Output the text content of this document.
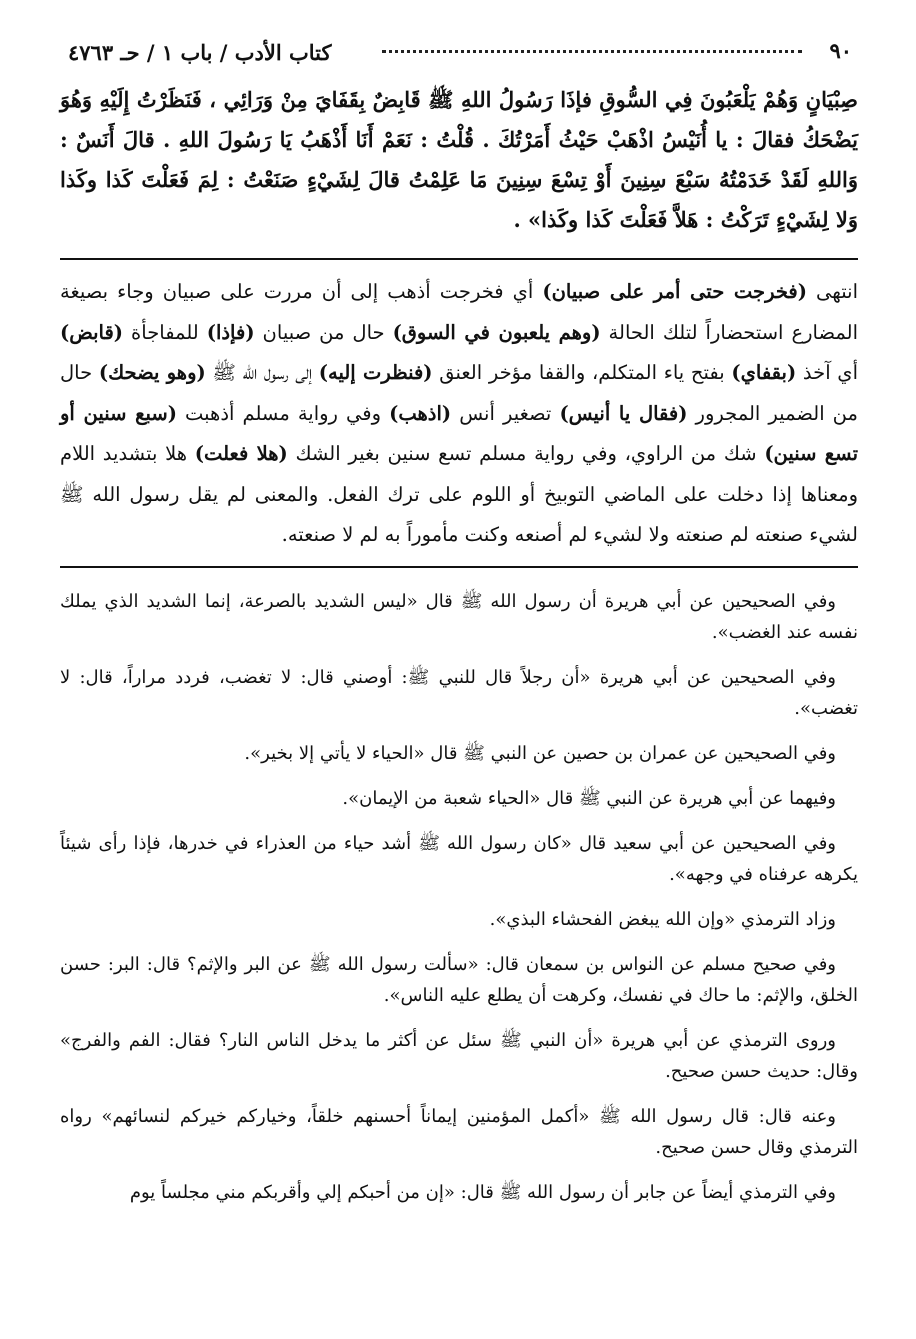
٩٠
كتاب الأدب / باب ١ / حـ ٤٧٦٣

صِبْيَانٍ وَهُمْ يَلْعَبُونَ فِي السُّوقِ فإذَا رَسُولُ اللهِ ﷺ قَابِضٌ بِقَفَايَ مِنْ وَرَائِي ، فَنَظَرْتُ إِلَيْهِ وَهُوَ يَضْحَكُ فقالَ : يا أُنَيْسُ اذْهَبْ حَيْثُ أَمَرْتُكَ . قُلْتُ : نَعَمْ أَنَا أَذْهَبُ يَا رَسُولَ اللهِ . قالَ أَنَسٌ : وَاللهِ لَقَدْ خَدَمْتُهُ سَبْعَ سِنِينَ أَوْ تِسْعَ سِنِينَ مَا عَلِمْتُ قالَ لِشَيْءٍ صَنَعْتُ : لِمَ فَعَلْتَ كَذا وكَذا وَلا لِشَيْءٍ تَرَكْتُ : هَلاَّ فَعَلْتَ كَذا وكَذا» .

انتهى (فخرجت حتى أمر على صبيان) أي فخرجت أذهب إلى أن مررت على صبيان وجاء بصيغة المضارع استحضاراً لتلك الحالة (وهم يلعبون في السوق) حال من صبيان (فإذا) للمفاجأة (قابض) أي آخذ (بقفاي) بفتح ياء المتكلم، والقفا مؤخر العنق (فنظرت إليه) إلى رسول الله ﷺ (وهو يضحك) حال من الضمير المجرور (فقال يا أنيس) تصغير أنس (اذهب) وفي رواية مسلم أذهبت (سبع سنين أو تسع سنين) شك من الراوي، وفي رواية مسلم تسع سنين بغير الشك (هلا فعلت) هلا بتشديد اللام ومعناها إذا دخلت على الماضي التوبيخ أو اللوم على ترك الفعل. والمعنى لم يقل رسول الله ﷺ لشيء صنعته لم صنعته ولا لشيء لم أصنعه وكنت مأموراً به لم لا صنعته.

وفي الصحيحين عن أبي هريرة أن رسول الله ﷺ قال «ليس الشديد بالصرعة، إنما الشديد الذي يملك نفسه عند الغضب».

وفي الصحيحين عن أبي هريرة «أن رجلاً قال للنبي ﷺ: أوصني قال: لا تغضب، فردد مراراً، قال: لا تغضب».

وفي الصحيحين عن عمران بن حصين عن النبي ﷺ قال «الحياء لا يأتي إلا بخير».

وفيهما عن أبي هريرة عن النبي ﷺ قال «الحياء شعبة من الإيمان».

وفي الصحيحين عن أبي سعيد قال «كان رسول الله ﷺ أشد حياء من العذراء في خدرها، فإذا رأى شيئاً يكرهه عرفناه في وجهه».

وزاد الترمذي «وإن الله يبغض الفحشاء البذي».

وفي صحيح مسلم عن النواس بن سمعان قال: «سألت رسول الله ﷺ عن البر والإثم؟ قال: البر: حسن الخلق، والإثم: ما حاك في نفسك، وكرهت أن يطلع عليه الناس».

وروى الترمذي عن أبي هريرة «أن النبي ﷺ سئل عن أكثر ما يدخل الناس النار؟ فقال: الفم والفرج» وقال: حديث حسن صحيح.

وعنه قال: قال رسول الله ﷺ «أكمل المؤمنين إيماناً أحسنهم خلقاً، وخياركم خيركم لنسائهم» رواه الترمذي وقال حسن صحيح.

وفي الترمذي أيضاً عن جابر أن رسول الله ﷺ قال: «إن من أحبكم إلي وأقربكم مني مجلساً يوم
